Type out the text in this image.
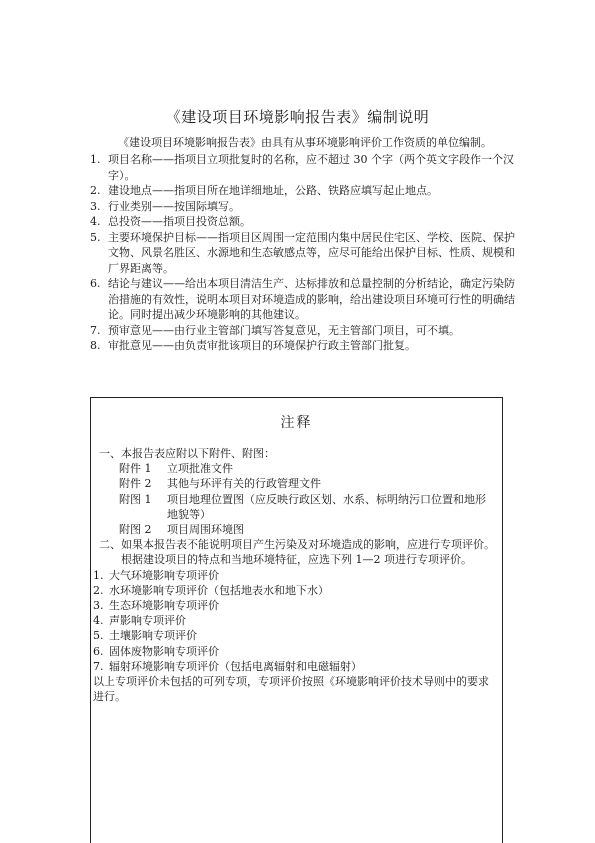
《建设项目环境影响报告表》编制说明
《建设项目环境影响报告表》由具有从事环境影响评价工作资质的单位编制。
1. 项目名称——指项目立项批复时的名称，应不超过 30 个字（两个英文字段作一个汉字）。
2. 建设地点——指项目所在地详细地址，公路、铁路应填写起止地点。
3. 行业类别——按国际填写。
4. 总投资——指项目投资总额。
5. 主要环境保护目标——指项目区周围一定范围内集中居民住宅区、学校、医院、保护文物、风景名胜区、水源地和生态敏感点等，应尽可能给出保护目标、性质、规模和厂界距离等。
6. 结论与建议——给出本项目清洁生产、达标排放和总量控制的分析结论，确定污染防治措施的有效性，说明本项目对环境造成的影响，给出建设项目环境可行性的明确结论。同时提出减少环境影响的其他建议。
7. 预审意见——由行业主管部门填写答复意见，无主管部门项目，可不填。
8. 审批意见——由负责审批该项目的环境保护行政主管部门批复。
注释
一、 本报告表应附以下附件、附图：
附件 1	立项批准文件
附件 2	其他与环评有关的行政管理文件
附图 1	项目地理位置图（应反映行政区划、水系、标明纳污口位置和地形地貌等）
附图 2	项目周围环境图
二、 如果本报告表不能说明项目产生污染及对环境造成的影响，应进行专项评价。根据建设项目的特点和当地环境特征，应选下列 1—2 项进行专项评价。
1. 大气环境影响专项评价
2. 水环境影响专项评价（包括地表水和地下水）
3. 生态环境影响专项评价
4. 声影响专项评价
5. 土壤影响专项评价
6. 固体废物影响专项评价
7. 辐射环境影响专项评价（包括电离辐射和电磁辐射）
以上专项评价未包括的可列专项，专项评价按照《环境影响评价技术导则中的要求进行。
